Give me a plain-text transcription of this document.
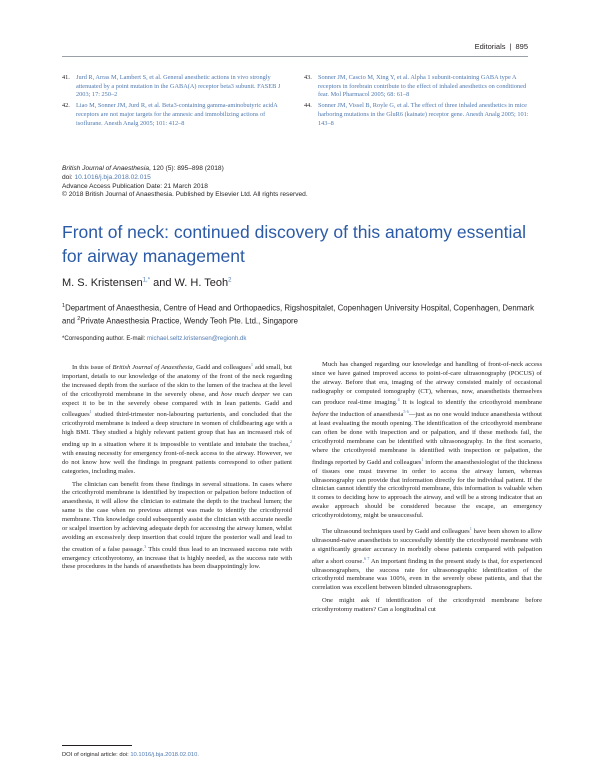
Editorials | 895
41. Jurd R, Arras M, Lambert S, et al. General anesthetic actions in vivo strongly attenuated by a point mutation in the GABA(A) receptor beta3 subunit. FASEB J 2003; 17: 250–2
42. Liao M, Sonner JM, Jurd R, et al. Beta3-containing gamma-aminobutyric acidA receptors are not major targets for the amnesic and immobilizing actions of isoflurane. Anesth Analg 2005; 101: 412–8
43. Sonner JM, Cascio M, Xing Y, et al. Alpha 1 subunit-containing GABA type A receptors in forebrain contribute to the effect of inhaled anesthetics on conditioned fear. Mol Pharmacol 2005; 68: 61–8
44. Sonner JM, Vissel B, Royle G, et al. The effect of three inhaled anesthetics in mice harboring mutations in the GluR6 (kainate) receptor gene. Anesth Analg 2005; 101: 143–8
British Journal of Anaesthesia, 120 (5): 895–898 (2018)
doi: 10.1016/j.bja.2018.02.015
Advance Access Publication Date: 21 March 2018
© 2018 British Journal of Anaesthesia. Published by Elsevier Ltd. All rights reserved.
Front of neck: continued discovery of this anatomy essential for airway management
M. S. Kristensen$^{1,*}$ and W. H. Teoh$^2$
$^1$Department of Anaesthesia, Centre of Head and Orthopaedics, Rigshospitalet, Copenhagen University Hospital, Copenhagen, Denmark and $^2$Private Anaesthesia Practice, Wendy Teoh Pte. Ltd., Singapore
*Corresponding author. E-mail: michael.seltz.kristensen@regionh.dk

In this issue of British Journal of Anaesthesia, Gadd and colleagues$^1$ add small, but important, details to our knowledge of the anatomy of the front of the neck regarding the increased depth from the surface of the skin to the lumen of the trachea at the level of the cricothyroid membrane in the severely obese, and how much deeper we can expect it to be in the severely obese compared with in lean patients. Gadd and colleagues$^1$ studied third-trimester non-labouring parturients, and concluded that the cricothyroid membrane is indeed a deep structure in women of childbearing age with a high BMI. They studied a highly relevant patient group that has an increased risk of ending up in a situation where it is impossible to ventilate and intubate the trachea,$^2$ with ensuing necessity for emergency front-of-neck access to the airway. However, we do not know how well the findings in pregnant patients correspond to other patient categories, including males.

The clinician can benefit from these findings in several situations. In cases where the cricothyroid membrane is identified by inspection or palpation before induction of anaesthesia, it will allow the clinician to estimate the depth to the tracheal lumen; the same is the case when no previous attempt was made to identify the cricothyroid membrane. This knowledge could subsequently assist the clinician with accurate needle or scalpel insertion by achieving adequate depth for accessing the airway lumen, whilst avoiding an excessively deep insertion that could injure the posterior wall and lead to the creation of a false passage.$^3$ This could thus lead to an increased success rate with emergency cricothyrotomy, an increase that is highly needed, as the success rate with these procedures in the hands of anaesthetists has been disappointingly low.

Much has changed regarding our knowledge and handling of front-of-neck access since we have gained improved access to point-of-care ultrasonography (POCUS) of the airway. Before that era, imaging of the airway consisted mainly of occasional radiography or computed tomography (CT), whereas, now, anaesthetists themselves can produce real-time imaging.$^4$ It is logical to identify the cricothyroid membrane before the induction of anaesthesia$^{5 6}$—just as no one would induce anaesthesia without at least evaluating the mouth opening. The identification of the cricothyroid membrane can often be done with inspection and or palpation, and if these methods fail, the cricothyroid membrane can be identified with ultrasonography. In the first scenario, where the cricothyroid membrane is identified with inspection or palpation, the findings reported by Gadd and colleagues$^1$ inform the anaesthesiologist of the thickness of tissues one must traverse in order to access the airway lumen, whereas ultrasonography can provide that information directly for the individual patient. If the clinician cannot identify the cricothyroid membrane, this information is valuable when it comes to deciding how to approach the airway, and will be a strong indicator that an awake approach should be considered because the escape, an emergency cricothyroidotomy, might be unsuccessful.

The ultrasound techniques used by Gadd and colleagues$^1$ have been shown to allow ultrasound-naive anaesthetists to successfully identify the cricothyroid membrane with a significantly greater accuracy in morbidly obese patients compared with palpation after a short course.$^{6 7}$ An important finding in the present study is that, for experienced ultrasonographers, the success rate for ultrasonographic identification of the cricothyroid membrane was 100%, even in the severely obese patients, and that the correlation was excellent between blinded ultrasonographers.

One might ask if identification of the cricothyroid membrane before cricothyrotomy matters? Can a longitudinal cut

DOI of original article: doi: 10.1016/j.bja.2018.02.010.
